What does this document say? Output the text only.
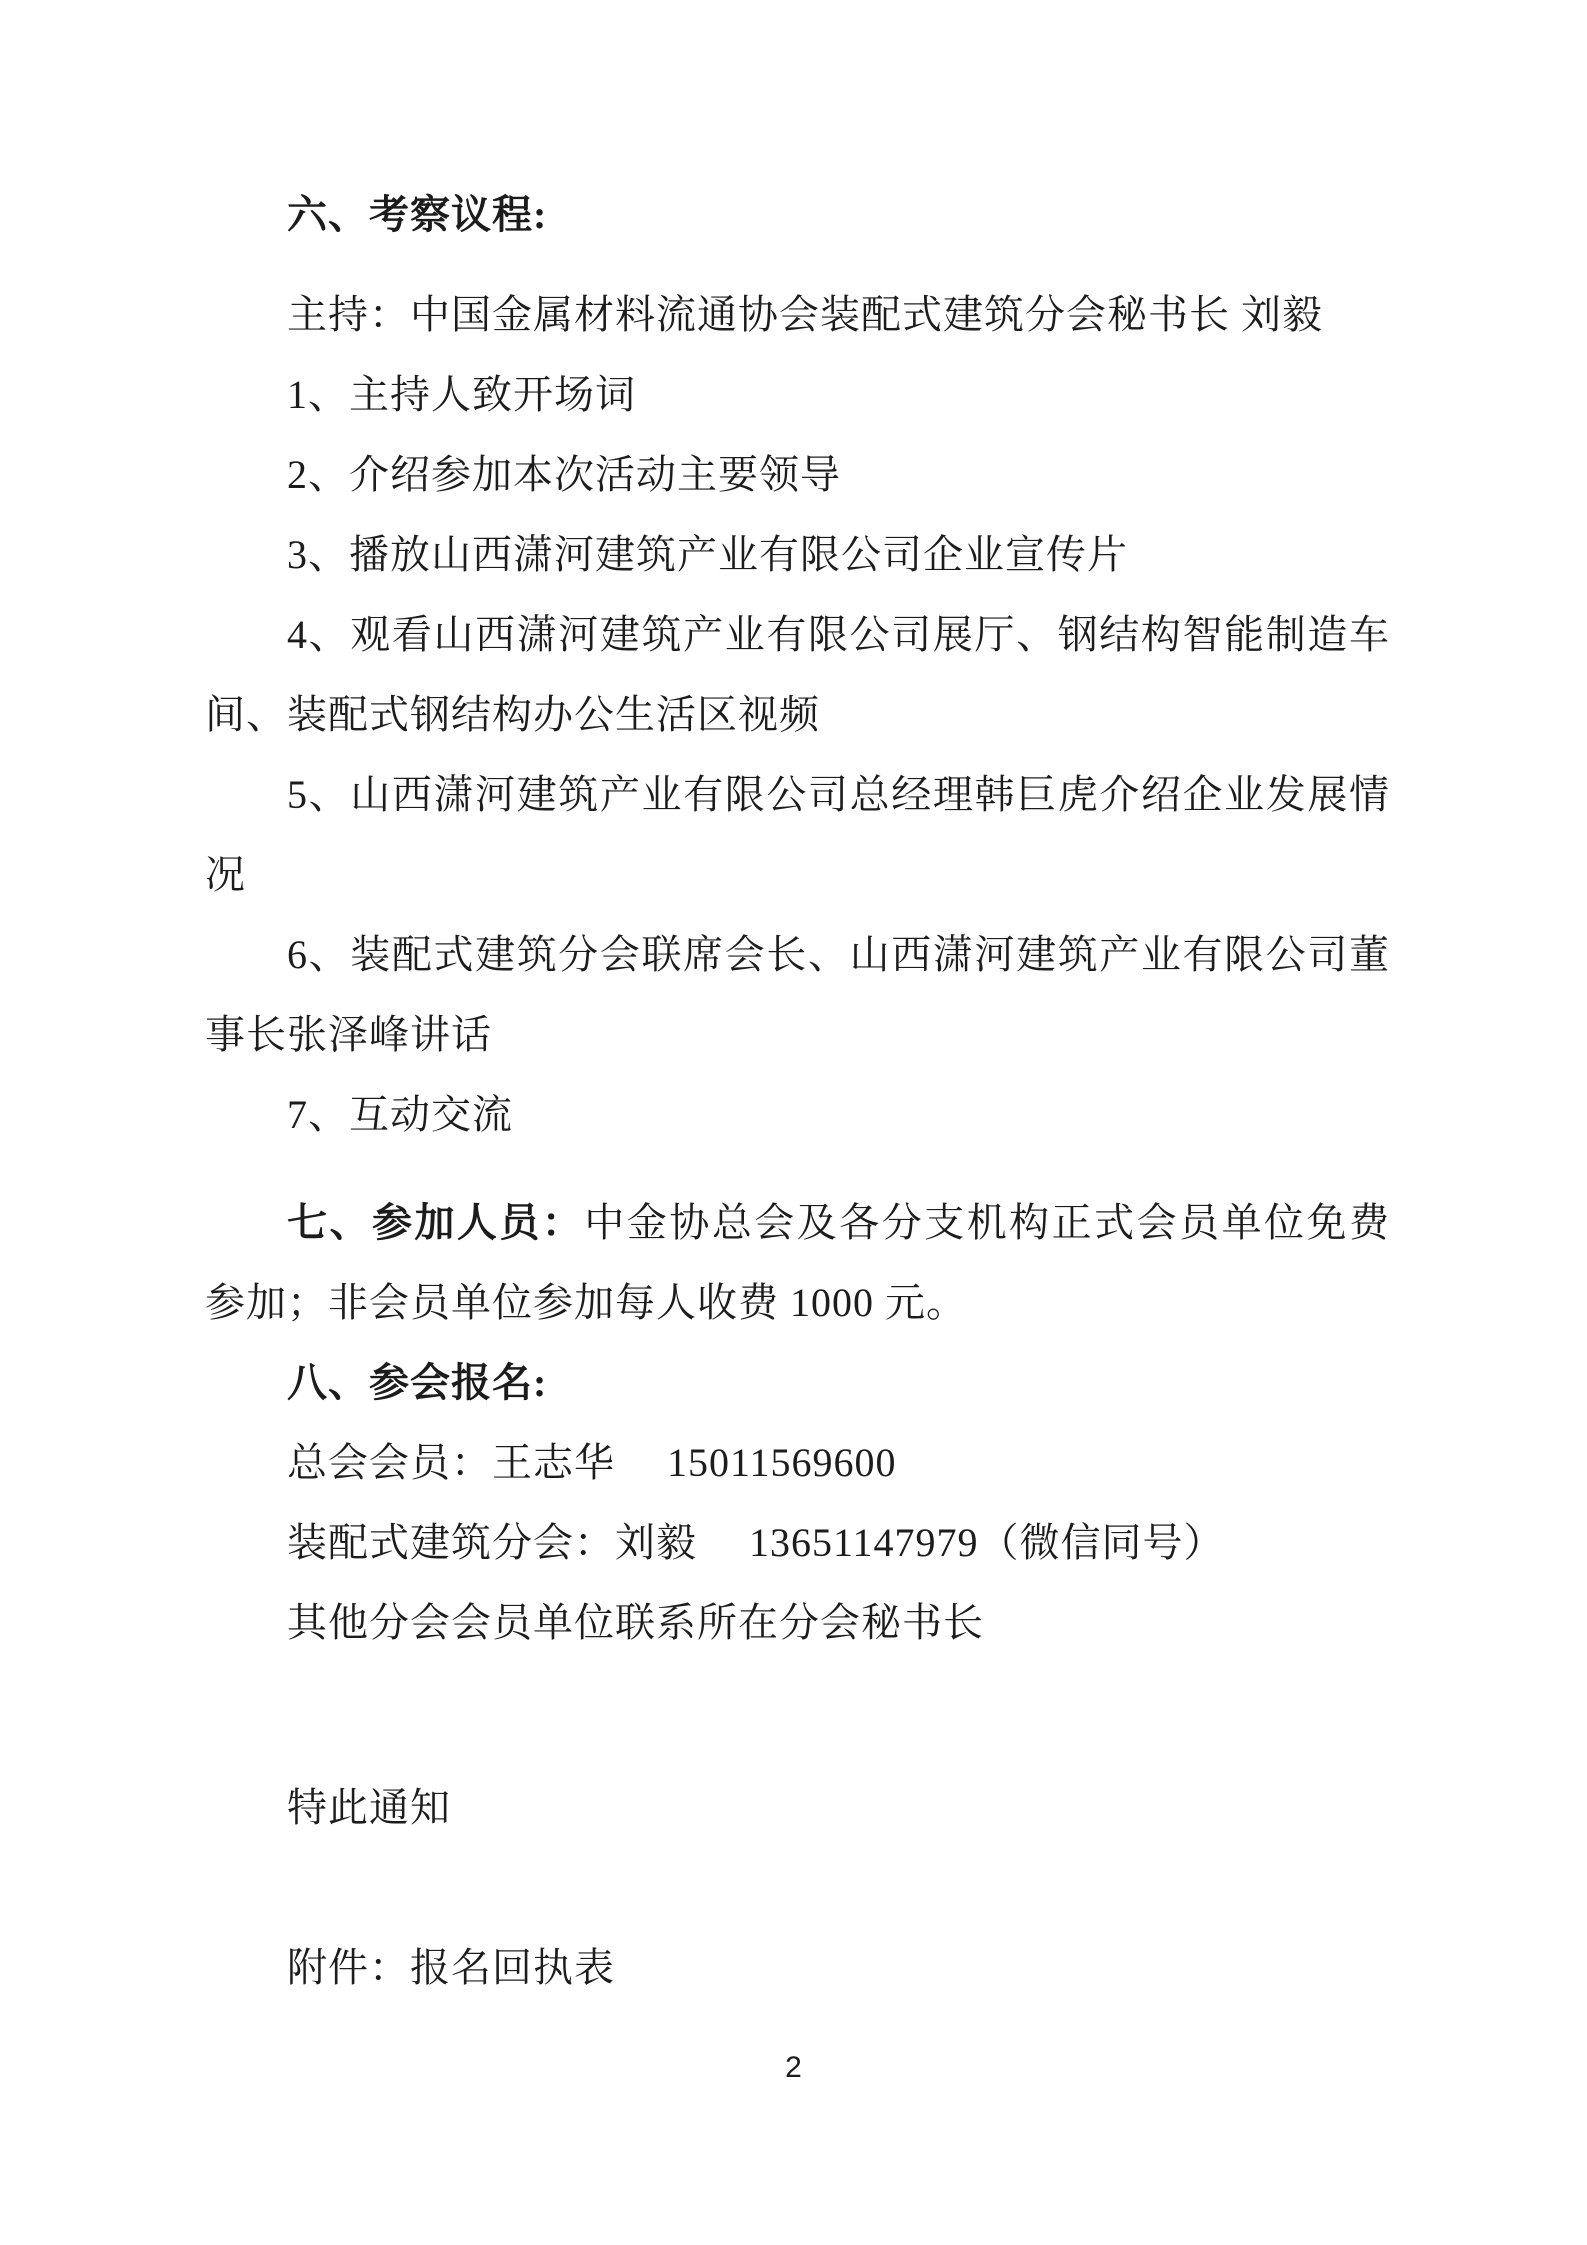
六、考察议程:

主持：中国金属材料流通协会装配式建筑分会秘书长 刘毅

1、主持人致开场词

2、介绍参加本次活动主要领导

3、播放山西潇河建筑产业有限公司企业宣传片

4、观看山西潇河建筑产业有限公司展厅、钢结构智能制造车间、装配式钢结构办公生活区视频

5、山西潇河建筑产业有限公司总经理韩巨虎介绍企业发展情况

6、装配式建筑分会联席会长、山西潇河建筑产业有限公司董事长张泽峰讲话

7、互动交流

七、参加人员：中金协总会及各分支机构正式会员单位免费参加；非会员单位参加每人收费 1000 元。

八、参会报名:

总会会员：王志华　 15011569600

装配式建筑分会：刘毅　 13651147979（微信同号）

其他分会会员单位联系所在分会秘书长

特此通知

附件：报名回执表

2
